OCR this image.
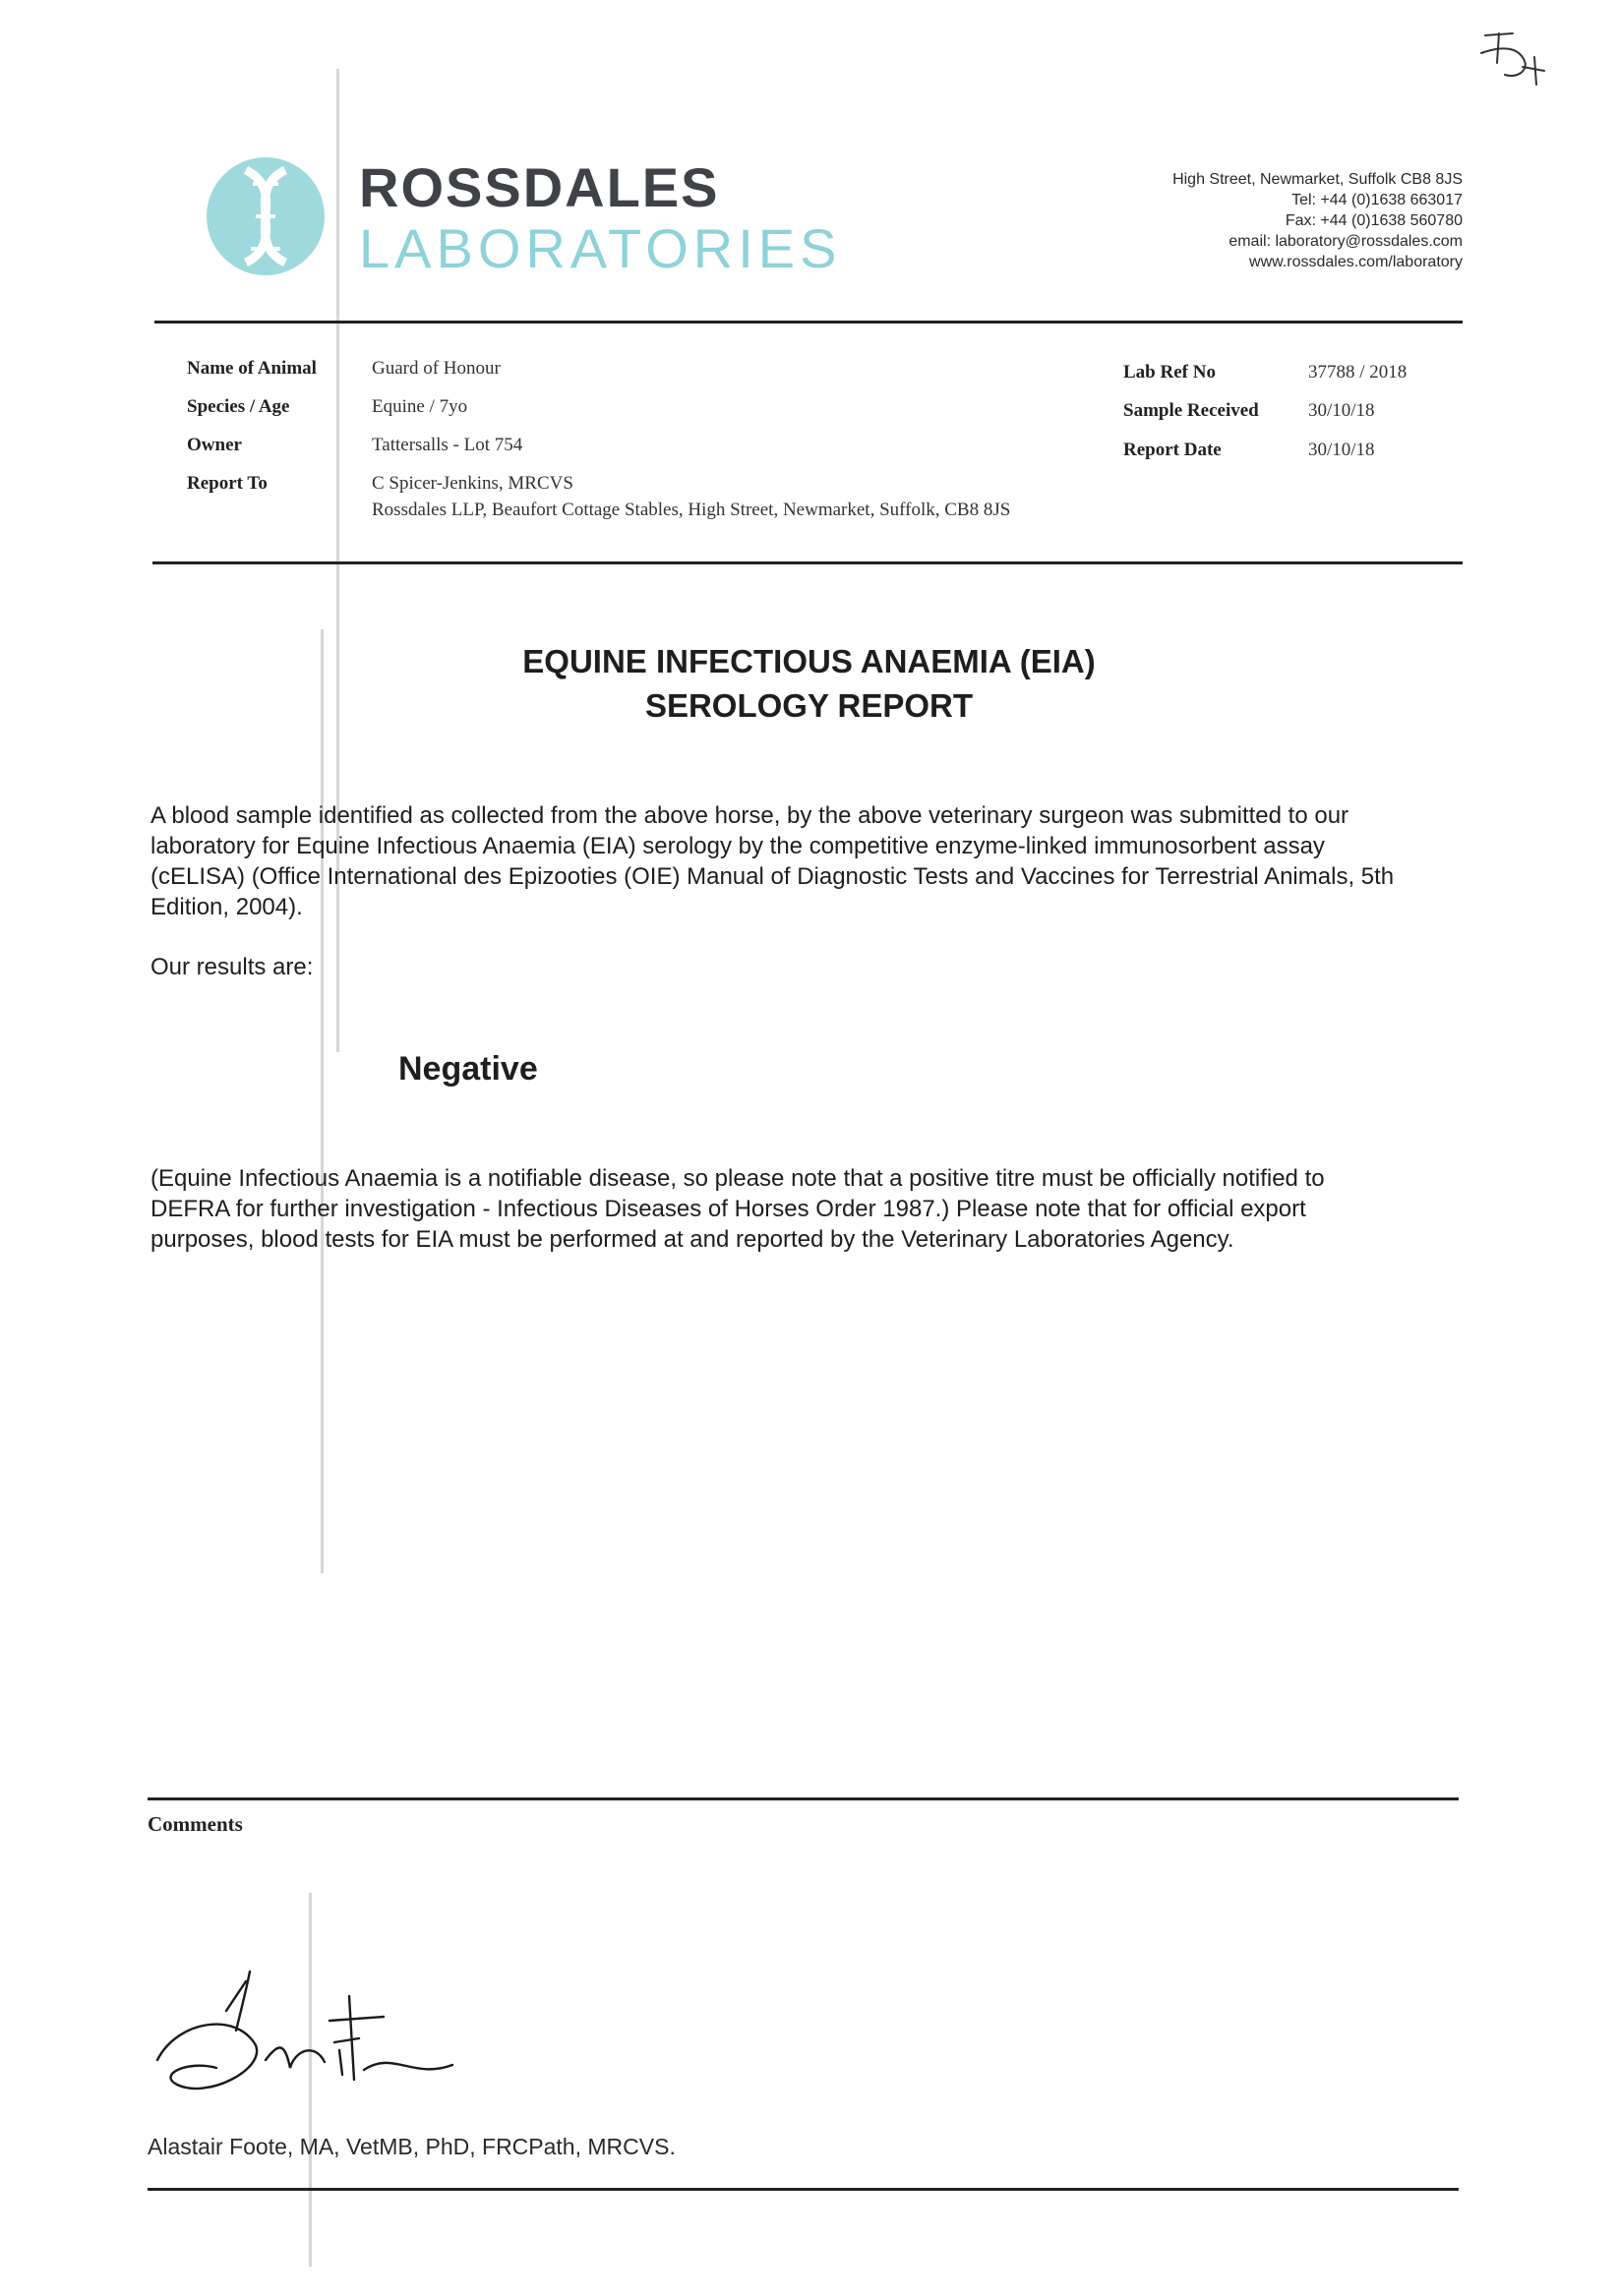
ROSSDALES
LABORATORIES
High Street, Newmarket, Suffolk CB8 8JS
Tel: +44 (0)1638 663017
Fax: +44 (0)1638 560780
email: laboratory@rossdales.com
www.rossdales.com/laboratory
Name of Animal	Guard of Honour
Species / Age	Equine / 7yo
Owner	Tattersalls - Lot 754
Report To	C Spicer-Jenkins, MRCVS
Rossdales LLP, Beaufort Cottage Stables, High Street, Newmarket, Suffolk, CB8 8JS
Lab Ref No	37788 / 2018
Sample Received	30/10/18
Report Date	30/10/18
EQUINE INFECTIOUS ANAEMIA (EIA)
SEROLOGY REPORT
A blood sample identified as collected from the above horse, by the above veterinary surgeon was submitted to our
laboratory for Equine Infectious Anaemia (EIA) serology by the competitive enzyme-linked immunosorbent assay
(cELISA) (Office International des Epizooties (OIE) Manual of Diagnostic Tests and Vaccines for Terrestrial Animals, 5th
Edition, 2004).
Our results are:
Negative
(Equine Infectious Anaemia is a notifiable disease, so please note that a positive titre must be officially notified to
DEFRA for further investigation - Infectious Diseases of Horses Order 1987.) Please note that for official export
purposes, blood tests for EIA must be performed at and reported by the Veterinary Laboratories Agency.
Comments
Alastair Foote, MA, VetMB, PhD, FRCPath, MRCVS.
